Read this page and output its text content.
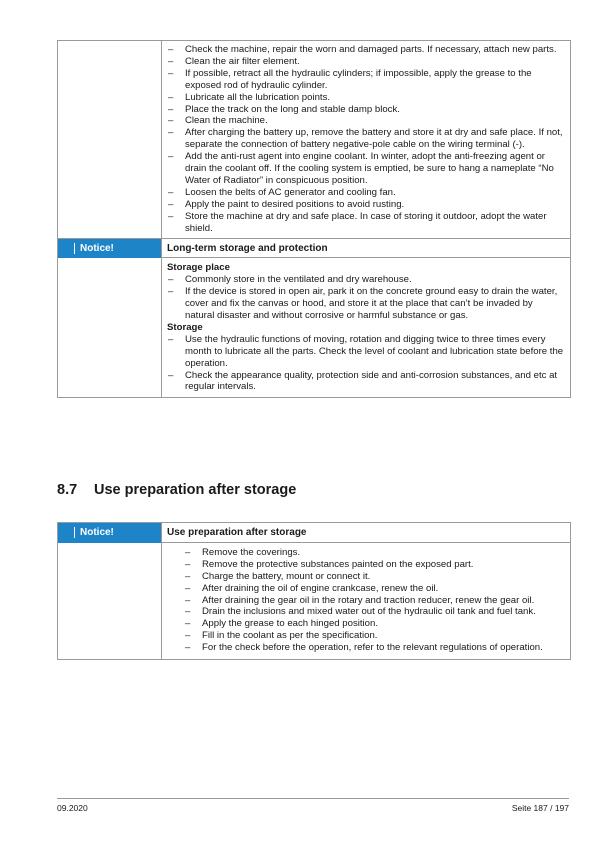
– Check the machine, repair the worn and damaged parts. If necessary, attach new parts.
– Clean the air filter element.
– If possible, retract all the hydraulic cylinders; if impossible, apply the grease to the exposed rod of hydraulic cylinder.
– Lubricate all the lubrication points.
– Place the track on the long and stable damp block.
– Clean the machine.
– After charging the battery up, remove the battery and store it at dry and safe place. If not, separate the connection of battery negative-pole cable on the wiring terminal (-).
– Add the anti-rust agent into engine coolant. In winter, adopt the anti-freezing agent or drain the coolant off. If the cooling system is emptied, be sure to hang a nameplate “No Water of Radiator” in conspicuous position.
– Loosen the belts of AC generator and cooling fan.
– Apply the paint to desired positions to avoid rusting.
– Store the machine at dry and safe place. In case of storing it outdoor, adopt the water shield.
Notice!	Long-term storage and protection
Storage place
– Commonly store in the ventilated and dry warehouse.
– If the device is stored in open air, park it on the concrete ground easy to drain the water, cover and fix the canvas or hood, and store it at the place that can’t be invaded by natural disaster and without corrosive or harmful substance or gas.
Storage
– Use the hydraulic functions of moving, rotation and digging twice to three times every month to lubricate all the parts. Check the level of coolant and lubrication state before the operation.
– Check the appearance quality, protection side and anti-corrosion substances, and etc at regular intervals.
8.7 Use preparation after storage
Notice!	Use preparation after storage
– Remove the coverings.
– Remove the protective substances painted on the exposed part.
– Charge the battery, mount or connect it.
– After draining the oil of engine crankcase, renew the oil.
– After draining the gear oil in the rotary and traction reducer, renew the gear oil.
– Drain the inclusions and mixed water out of the hydraulic oil tank and fuel tank.
– Apply the grease to each hinged position.
– Fill in the coolant as per the specification.
– For the check before the operation, refer to the relevant regulations of operation.
09.2020	Seite 187 / 197
